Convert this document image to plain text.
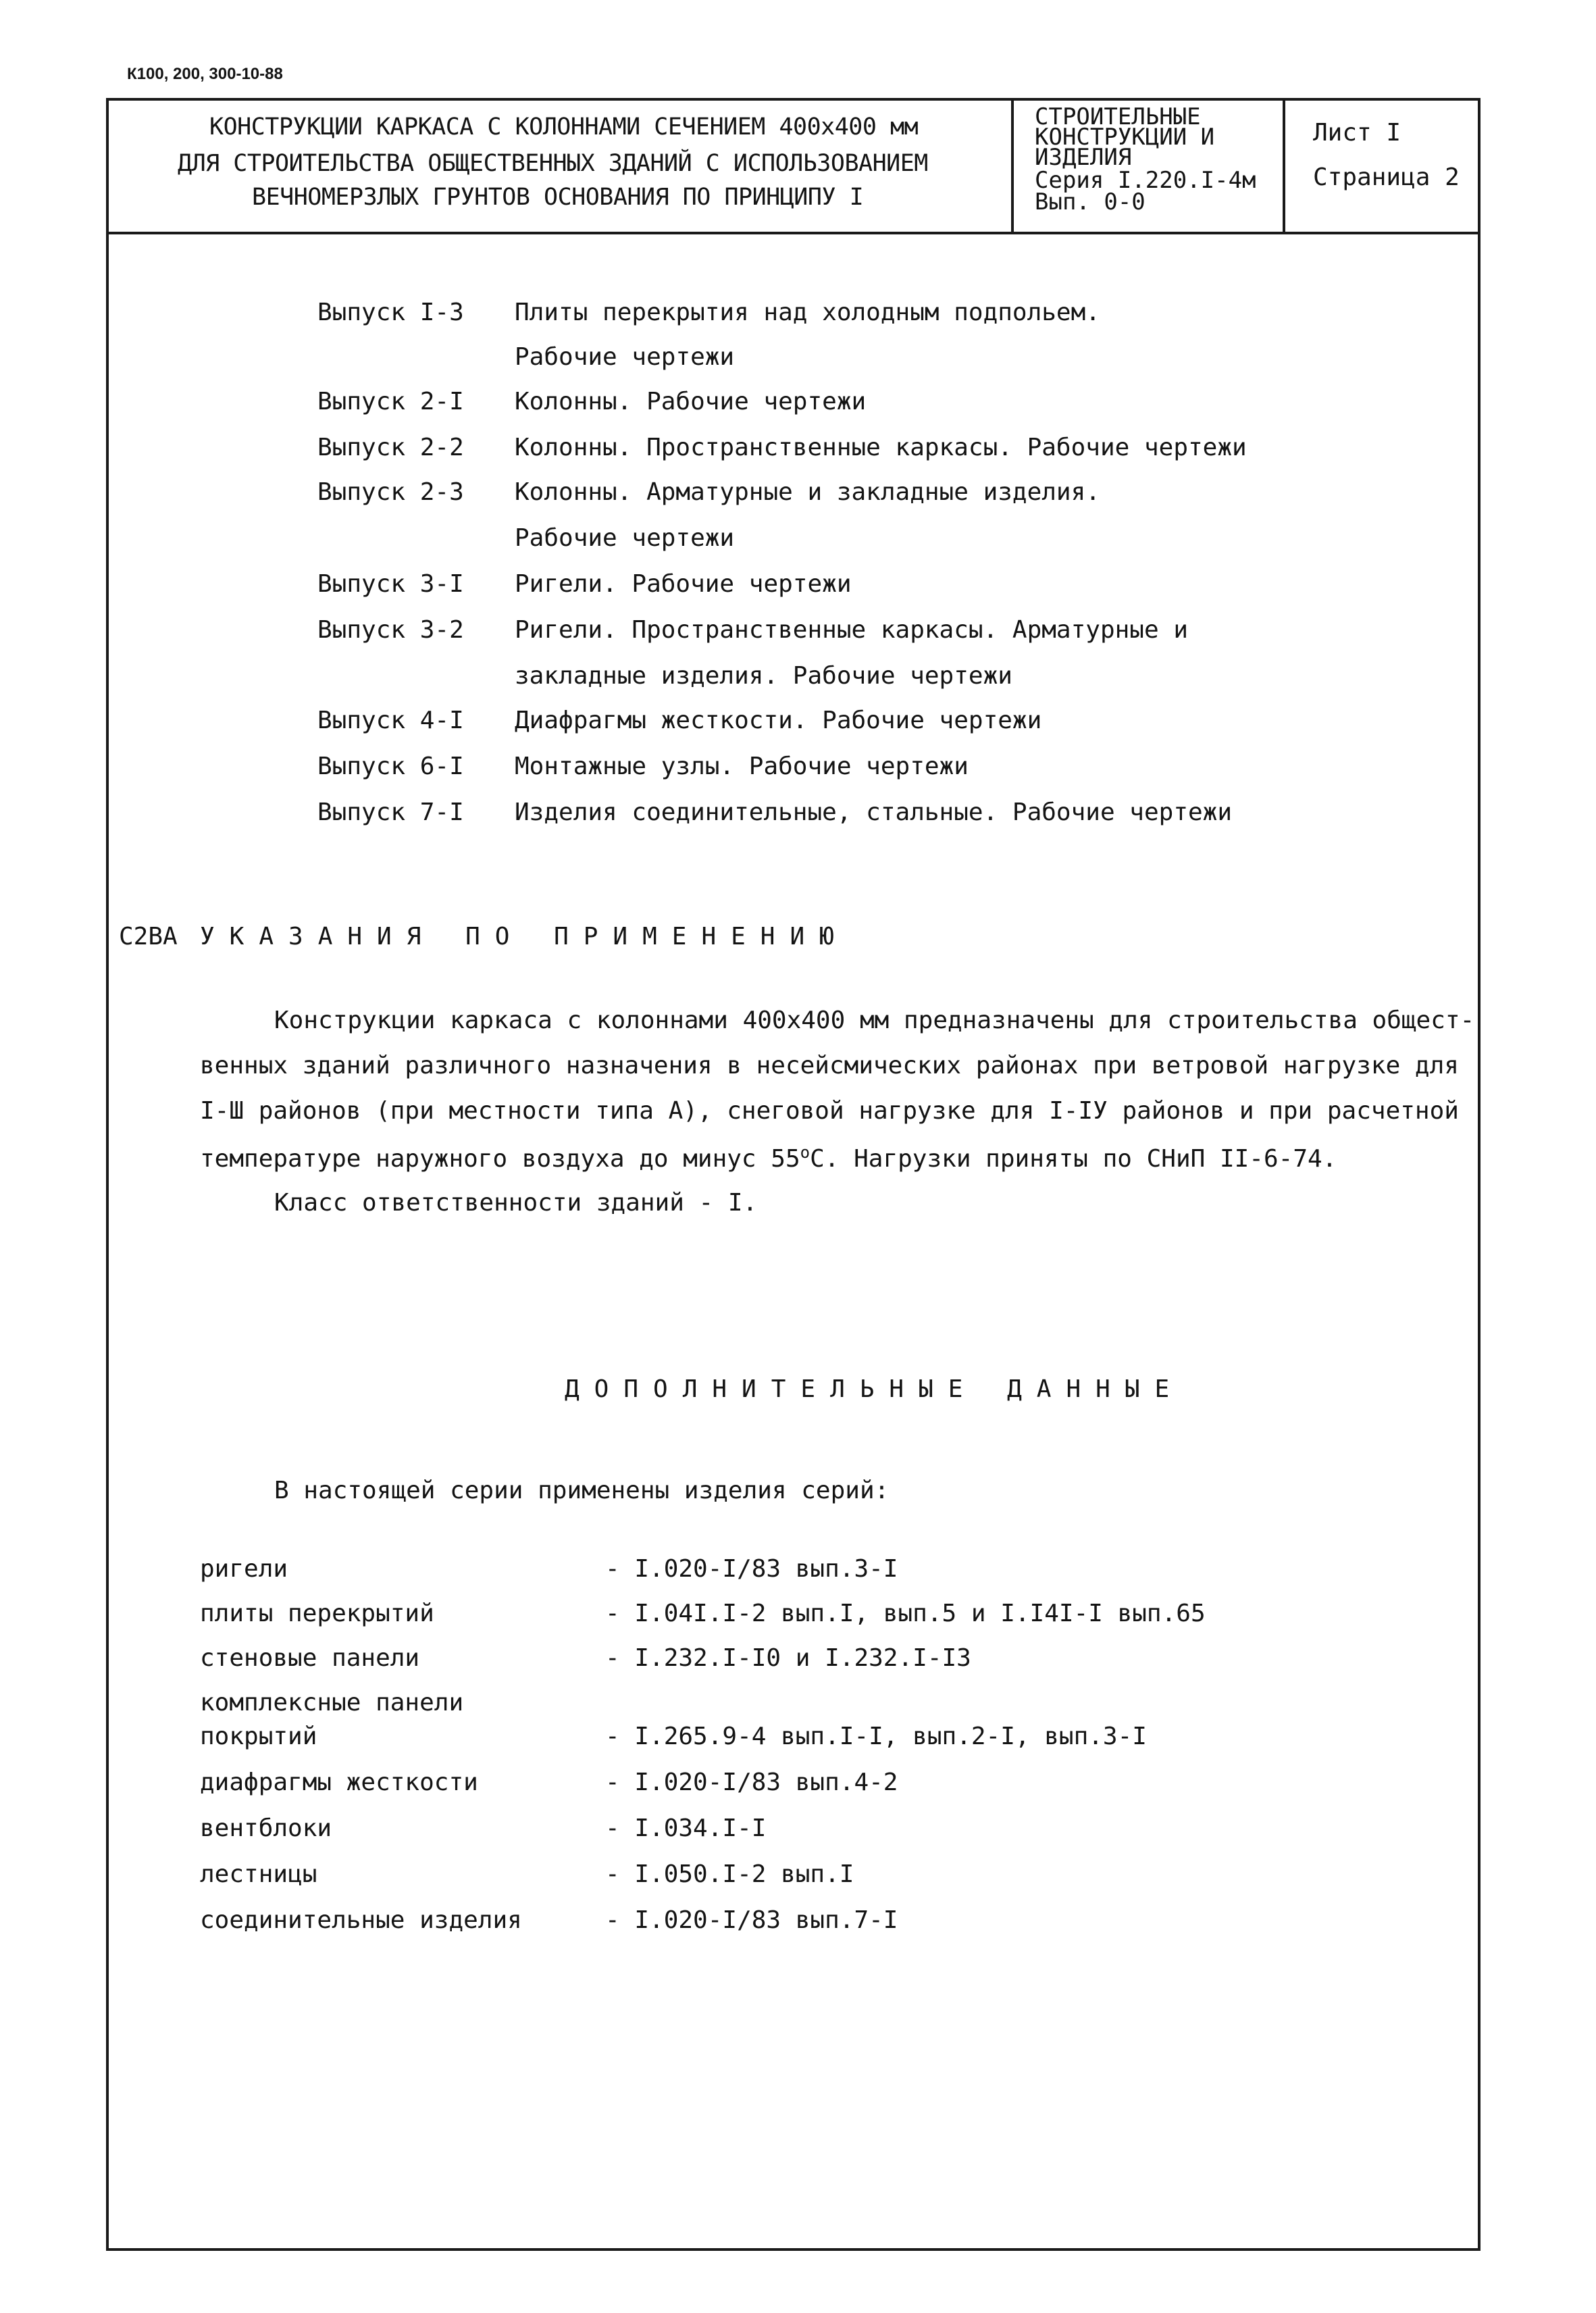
К100, 200, 300-10-88
КОНСТРУКЦИИ КАРКАСА С КОЛОННАМИ СЕЧЕНИЕМ 400х400 мм
ДЛЯ СТРОИТЕЛЬСТВА ОБЩЕСТВЕННЫХ ЗДАНИЙ С ИСПОЛЬЗОВАНИЕМ
ВЕЧНОМЕРЗЛЫХ ГРУНТОВ ОСНОВАНИЯ ПО ПРИНЦИПУ I
СТРОИТЕЛЬНЫЕ
КОНСТРУКЦИИ И
ИЗДЕЛИЯ
Серия I.220.I-4м
Вып. 0-0
Лист I
Страница 2
Выпуск I-3 Плиты перекрытия над холодным подпольем.
Рабочие чертежи
Выпуск 2-I Колонны. Рабочие чертежи
Выпуск 2-2 Колонны. Пространственные каркасы. Рабочие чертежи
Выпуск 2-3 Колонны. Арматурные и закладные изделия.
Рабочие чертежи
Выпуск 3-I Ригели. Рабочие чертежи
Выпуск 3-2 Ригели. Пространственные каркасы. Арматурные и
закладные изделия. Рабочие чертежи
Выпуск 4-I Диафрагмы жесткости. Рабочие чертежи
Выпуск 6-I Монтажные узлы. Рабочие чертежи
Выпуск 7-I Изделия соединительные, стальные. Рабочие чертежи
С2ВА УКАЗАНИЯ ПО ПРИМЕНЕНИЮ
Конструкции каркаса с колоннами 400х400 мм предназначены для строительства общест-
венных зданий различного назначения в несейсмических районах при ветровой нагрузке для
I-Ш районов (при местности типа А), снеговой нагрузке для I-IУ районов и при расчетной
температуре наружного воздуха до минус $55^оС$. Нагрузки приняты по СНиП II-6-74.
Класс ответственности зданий - I.
ДОПОЛНИТЕЛЬНЫЕ ДАННЫЕ
В настоящей серии применены изделия серий:
ригели	- I.020-I/83 вып.3-I
плиты перекрытий	- I.04I.I-2 вып.I, вып.5 и I.I4I-I вып.65
стеновые панели	- I.232.I-I0 и I.232.I-I3
комплексные панели
покрытий	- I.265.9-4 вып.I-I, вып.2-I, вып.3-I
диафрагмы жесткости	- I.020-I/83 вып.4-2
вентблоки	- I.034.I-I
лестницы	- I.050.I-2 вып.I
соединительные изделия	- I.020-I/83 вып.7-I
